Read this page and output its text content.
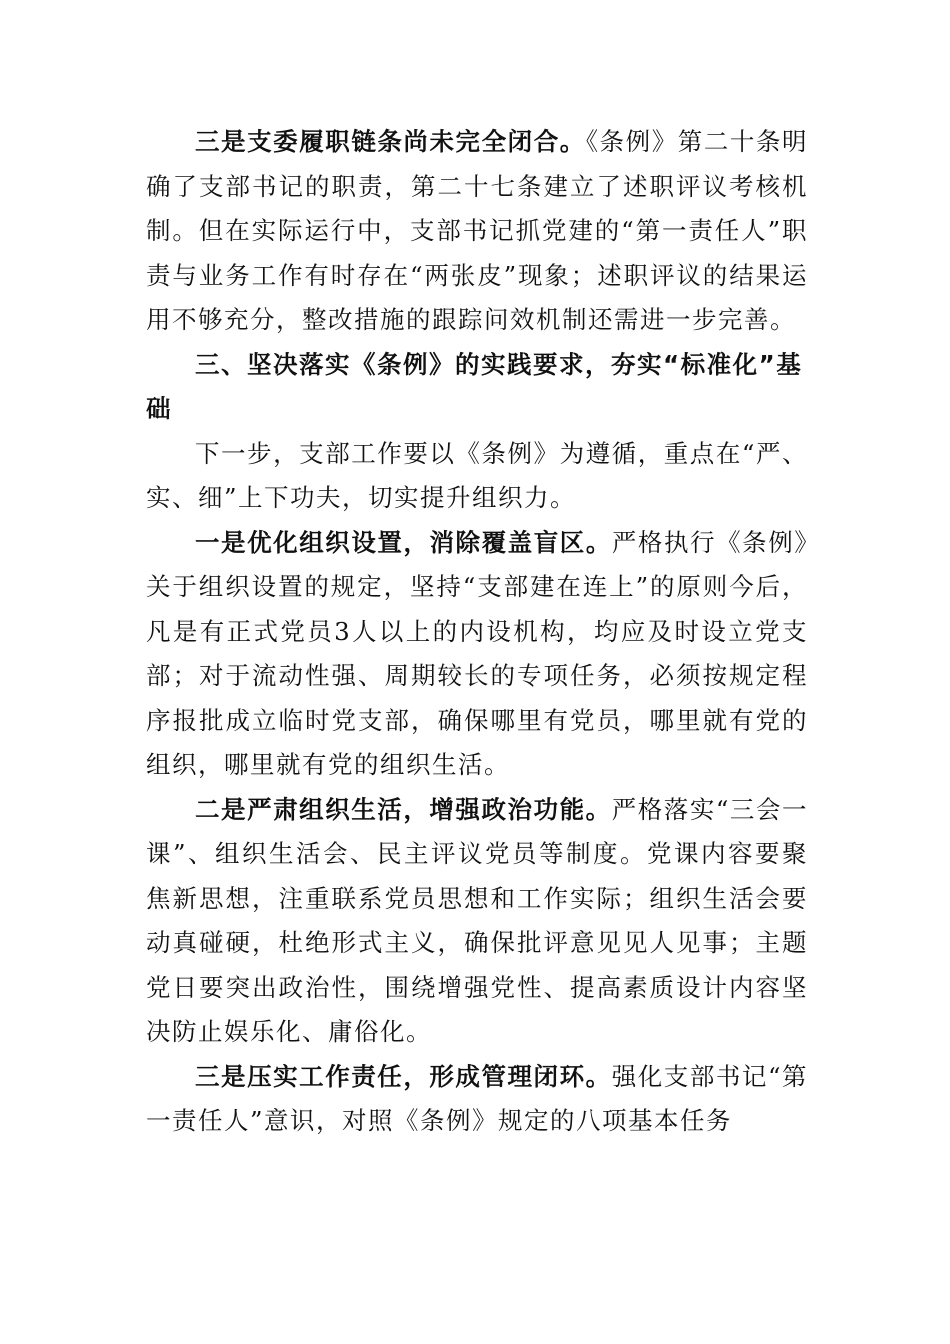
三是支委履职链条尚未完全闭合。《条例》第二十条明确了支部书记的职责，第二十七条建立了述职评议考核机制。但在实际运行中，支部书记抓党建的“第一责任人”职责与业务工作有时存在“两张皮”现象；述职评议的结果运用不够充分，整改措施的跟踪问效机制还需进一步完善。

三、坚决落实《条例》的实践要求，夯实“标准化”基础

下一步，支部工作要以《条例》为遵循，重点在“严、实、细”上下功夫，切实提升组织力。

一是优化组织设置，消除覆盖盲区。严格执行《条例》关于组织设置的规定，坚持“支部建在连上”的原则今后，凡是有正式党员3人以上的内设机构，均应及时设立党支部；对于流动性强、周期较长的专项任务，必须按规定程序报批成立临时党支部，确保哪里有党员，哪里就有党的组织，哪里就有党的组织生活。

二是严肃组织生活，增强政治功能。严格落实“三会一课”、组织生活会、民主评议党员等制度。党课内容要聚焦新思想，注重联系党员思想和工作实际；组织生活会要动真碰硬，杜绝形式主义，确保批评意见见人见事；主题党日要突出政治性，围绕增强党性、提高素质设计内容坚决防止娱乐化、庸俗化。

三是压实工作责任，形成管理闭环。强化支部书记“第一责任人”意识，对照《条例》规定的八项基本任务
